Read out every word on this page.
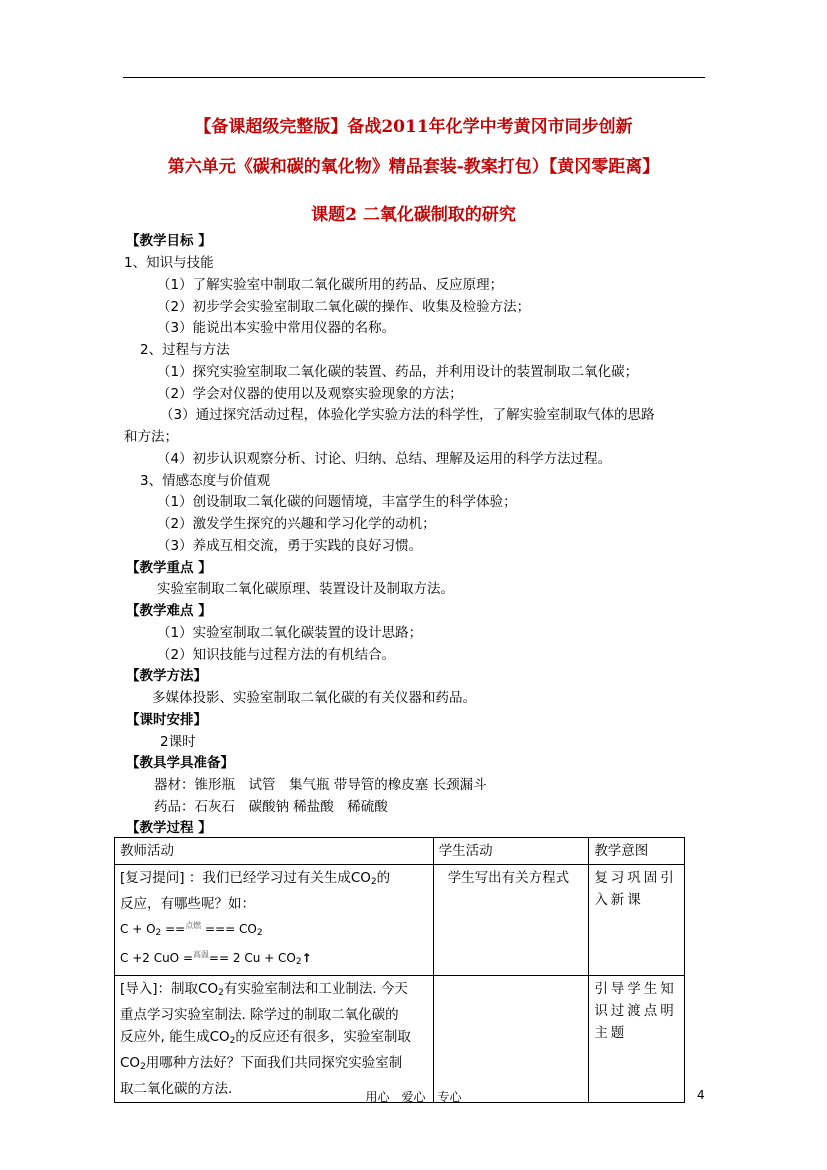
【备课超级完整版】备战2011年化学中考黄冈市同步创新
第六单元《碳和碳的氧化物》精品套装-教案打包）【黄冈零距离】
课题2 二氧化碳制取的研究
【教学目标 】
1、知识与技能
（1）了解实验室中制取二氧化碳所用的药品、反应原理；
（2）初步学会实验室制取二氧化碳的操作、收集及检验方法；
（3）能说出本实验中常用仪器的名称。
2、过程与方法
（1）探究实验室制取二氧化碳的装置、药品，并利用设计的装置制取二氧化碳；
（2）学会对仪器的使用以及观察实验现象的方法；
（3）通过探究活动过程，体验化学实验方法的科学性，了解实验室制取气体的思路
和方法；
（4）初步认识观察分析、讨论、归纳、总结、理解及运用的科学方法过程。
3、情感态度与价值观
（1）创设制取二氧化碳的问题情境，丰富学生的科学体验；
（2）激发学生探究的兴趣和学习化学的动机；
（3）养成互相交流，勇于实践的良好习惯。
【教学重点 】
实验室制取二氧化碳原理、装置设计及制取方法。
【教学难点 】
（1）实验室制取二氧化碳装置的设计思路；
（2）知识技能与过程方法的有机结合。
【教学方法】
多媒体投影、实验室制取二氧化碳的有关仪器和药品。
【课时安排】
2课时
【教具学具准备】
器材：锥形瓶　试管　集气瓶 带导管的橡皮塞 长颈漏斗
药品：石灰石　碳酸钠 稀盐酸　稀硫酸
【教学过程 】
教师活动	学生活动	教学意图

[复习提问] ：我们已经学习过有关生成$CO_2$的
反应，有哪些呢？如：
$C + O_2 ==^{点燃}$ === $CO_2$
C +2 CuO =$^{高温}$== 2 $Cu + CO_2↑$	学生写出有关方程式	复习巩固引入新课

[导入]：制取$CO_2$有实验室制法和工业制法. 今天
重点学习实验室制法. 除学过的制取二氧化碳的
反应外, 能生成$CO_2$的反应还有很多，实验室制取
$CO_2$用哪种方法好？下面我们共同探究实验室制
取二氧化碳的方法.		引导学生知识过渡点明主题
用心　爱心　专心	4
